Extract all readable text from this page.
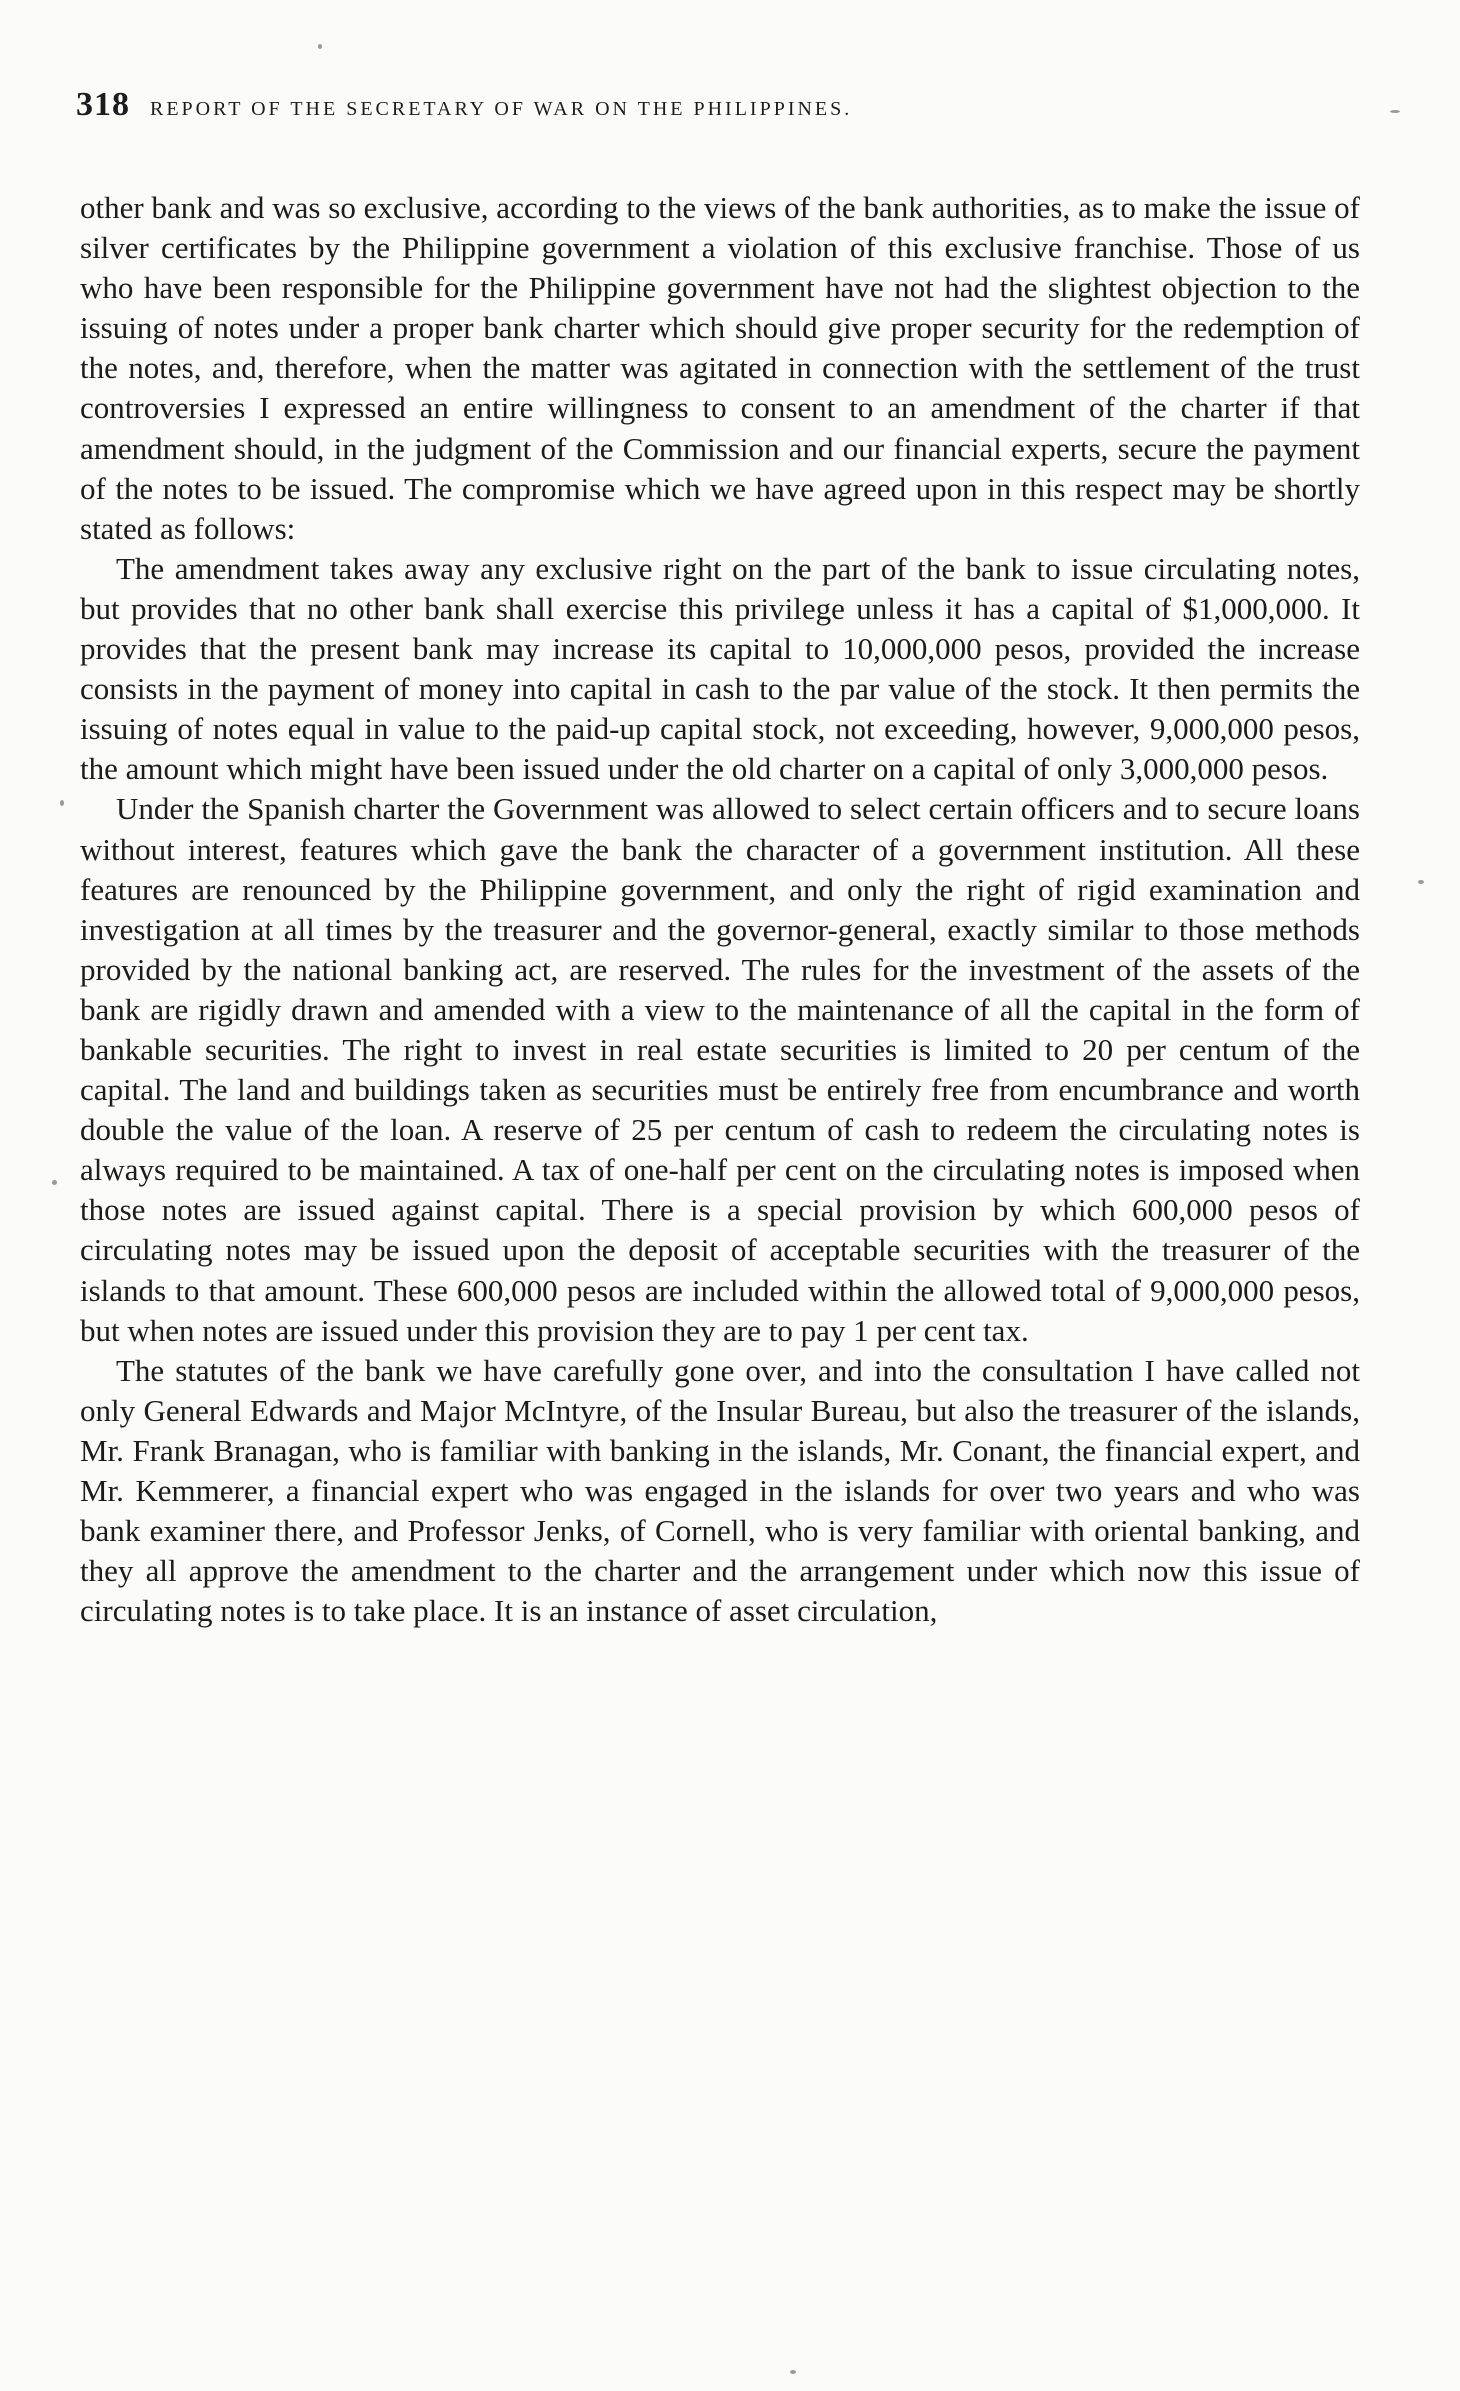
318 REPORT OF THE SECRETARY OF WAR ON THE PHILIPPINES.

other bank and was so exclusive, according to the views of the bank authorities, as to make the issue of silver certificates by the Philippine government a violation of this exclusive franchise. Those of us who have been responsible for the Philippine government have not had the slightest objection to the issuing of notes under a proper bank charter which should give proper security for the redemption of the notes, and, therefore, when the matter was agitated in connection with the settlement of the trust controversies I expressed an entire willingness to consent to an amendment of the charter if that amendment should, in the judgment of the Commission and our financial experts, secure the payment of the notes to be issued. The compromise which we have agreed upon in this respect may be shortly stated as follows:

The amendment takes away any exclusive right on the part of the bank to issue circulating notes, but provides that no other bank shall exercise this privilege unless it has a capital of $1,000,000. It provides that the present bank may increase its capital to 10,000,000 pesos, provided the increase consists in the payment of money into capital in cash to the par value of the stock. It then permits the issuing of notes equal in value to the paid-up capital stock, not exceeding, however, 9,000,000 pesos, the amount which might have been issued under the old charter on a capital of only 3,000,000 pesos.

Under the Spanish charter the Government was allowed to select certain officers and to secure loans without interest, features which gave the bank the character of a government institution. All these features are renounced by the Philippine government, and only the right of rigid examination and investigation at all times by the treasurer and the governor-general, exactly similar to those methods provided by the national banking act, are reserved. The rules for the investment of the assets of the bank are rigidly drawn and amended with a view to the maintenance of all the capital in the form of bankable securities. The right to invest in real estate securities is limited to 20 per centum of the capital. The land and buildings taken as securities must be entirely free from encumbrance and worth double the value of the loan. A reserve of 25 per centum of cash to redeem the circulating notes is always required to be maintained. A tax of one-half per cent on the circulating notes is imposed when those notes are issued against capital. There is a special provision by which 600,000 pesos of circulating notes may be issued upon the deposit of acceptable securities with the treasurer of the islands to that amount. These 600,000 pesos are included within the allowed total of 9,000,000 pesos, but when notes are issued under this provision they are to pay 1 per cent tax.

The statutes of the bank we have carefully gone over, and into the consultation I have called not only General Edwards and Major McIntyre, of the Insular Bureau, but also the treasurer of the islands, Mr. Frank Branagan, who is familiar with banking in the islands, Mr. Conant, the financial expert, and Mr. Kemmerer, a financial expert who was engaged in the islands for over two years and who was bank examiner there, and Professor Jenks, of Cornell, who is very familiar with oriental banking, and they all approve the amendment to the charter and the arrangement under which now this issue of circulating notes is to take place. It is an instance of asset circulation,
